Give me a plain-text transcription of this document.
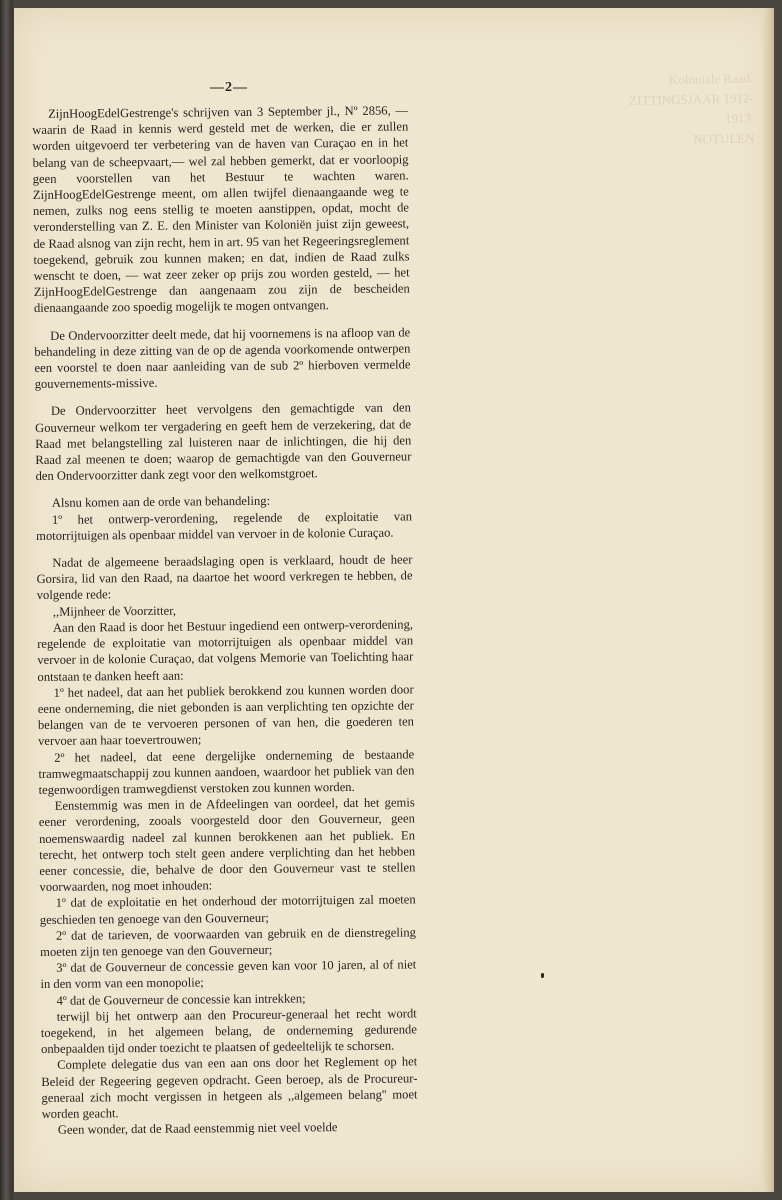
Koloniale Raad.
ZITTINGSJAAR 1912-1913.
NOTULEN
—2—

ZijnHoogEdelGestrenge's schrijven van 3 September jl., Nº 2856, — waarin de Raad in kennis werd gesteld met de werken, die er zullen worden uitgevoerd ter verbetering van de haven van Curaçao en in het belang van de scheepvaart,— wel zal hebben gemerkt, dat er voorloopig geen voorstellen van het Bestuur te wachten waren. ZijnHoogEdelGestrenge meent, om allen twijfel dienaangaande weg te nemen, zulks nog eens stellig te moeten aanstippen, opdat, mocht de veronderstelling van Z. E. den Minister van Koloniën juist zijn geweest, de Raad alsnog van zijn recht, hem in art. 95 van het Regeeringsreglement toegekend, gebruik zou kunnen maken; en dat, indien de Raad zulks wenscht te doen, — wat zeer zeker op prijs zou worden gesteld, — het ZijnHoogEdelGestrenge dan aangenaam zou zijn de bescheiden dienaangaande zoo spoedig mogelijk te mogen ontvangen.

De Ondervoorzitter deelt mede, dat hij voornemens is na afloop van de behandeling in deze zitting van de op de agenda voorkomende ontwerpen een voorstel te doen naar aanleiding van de sub 2º hierboven vermelde gouvernements-missive.

De Ondervoorzitter heet vervolgens den gemachtigde van den Gouverneur welkom ter vergadering en geeft hem de verzekering, dat de Raad met belangstelling zal luisteren naar de inlichtingen, die hij den Raad zal meenen te doen; waarop de gemachtigde van den Gouverneur den Ondervoorzitter dank zegt voor den welkomstgroet.

Alsnu komen aan de orde van behandeling:

1º het ontwerp-verordening, regelende de exploitatie van motorrijtuigen als openbaar middel van vervoer in de kolonie Curaçao.

Nadat de algemeene beraadslaging open is verklaard, houdt de heer Gorsira, lid van den Raad, na daartoe het woord verkregen te hebben, de volgende rede:

,,Mijnheer de Voorzitter,

Aan den Raad is door het Bestuur ingediend een ontwerp-verordening, regelende de exploitatie van motorrijtuigen als openbaar middel van vervoer in de kolonie Curaçao, dat volgens Memorie van Toelichting haar ontstaan te danken heeft aan:

1º het nadeel, dat aan het publiek berokkend zou kunnen worden door eene onderneming, die niet gebonden is aan verplichting ten opzichte der belangen van de te vervoeren personen of van hen, die goederen ten vervoer aan haar toevertrouwen;

2º het nadeel, dat eene dergelijke onderneming de bestaande tramwegmaatschappij zou kunnen aandoen, waardoor het publiek van den tegenwoordigen tramwegdienst verstoken zou kunnen worden.

Eenstemmig was men in de Afdeelingen van oordeel, dat het gemis eener verordening, zooals voorgesteld door den Gouverneur, geen noemenswaardig nadeel zal kunnen berokkenen aan het publiek. En terecht, het ontwerp toch stelt geen andere verplichting dan het hebben eener concessie, die, behalve de door den Gouverneur vast te stellen voorwaarden, nog moet inhouden:

1º dat de exploitatie en het onderhoud der motorrijtuigen zal moeten geschieden ten genoege van den Gouverneur;

2º dat de tarieven, de voorwaarden van gebruik en de dienstregeling moeten zijn ten genoege van den Gouverneur;

3º dat de Gouverneur de concessie geven kan voor 10 jaren, al of niet in den vorm van een monopolie;

4º dat de Gouverneur de concessie kan intrekken;

terwijl bij het ontwerp aan den Procureur-generaal het recht wordt toegekend, in het algemeen belang, de onderneming gedurende onbepaalden tijd onder toezicht te plaatsen of gedeeltelijk te schorsen.

Complete delegatie dus van een aan ons door het Reglement op het Beleid der Regeering gegeven opdracht. Geen beroep, als de Procureur-generaal zich mocht vergissen in hetgeen als ,,algemeen belang'' moet worden geacht.

Geen wonder, dat de Raad eenstemmig niet veel voelde
